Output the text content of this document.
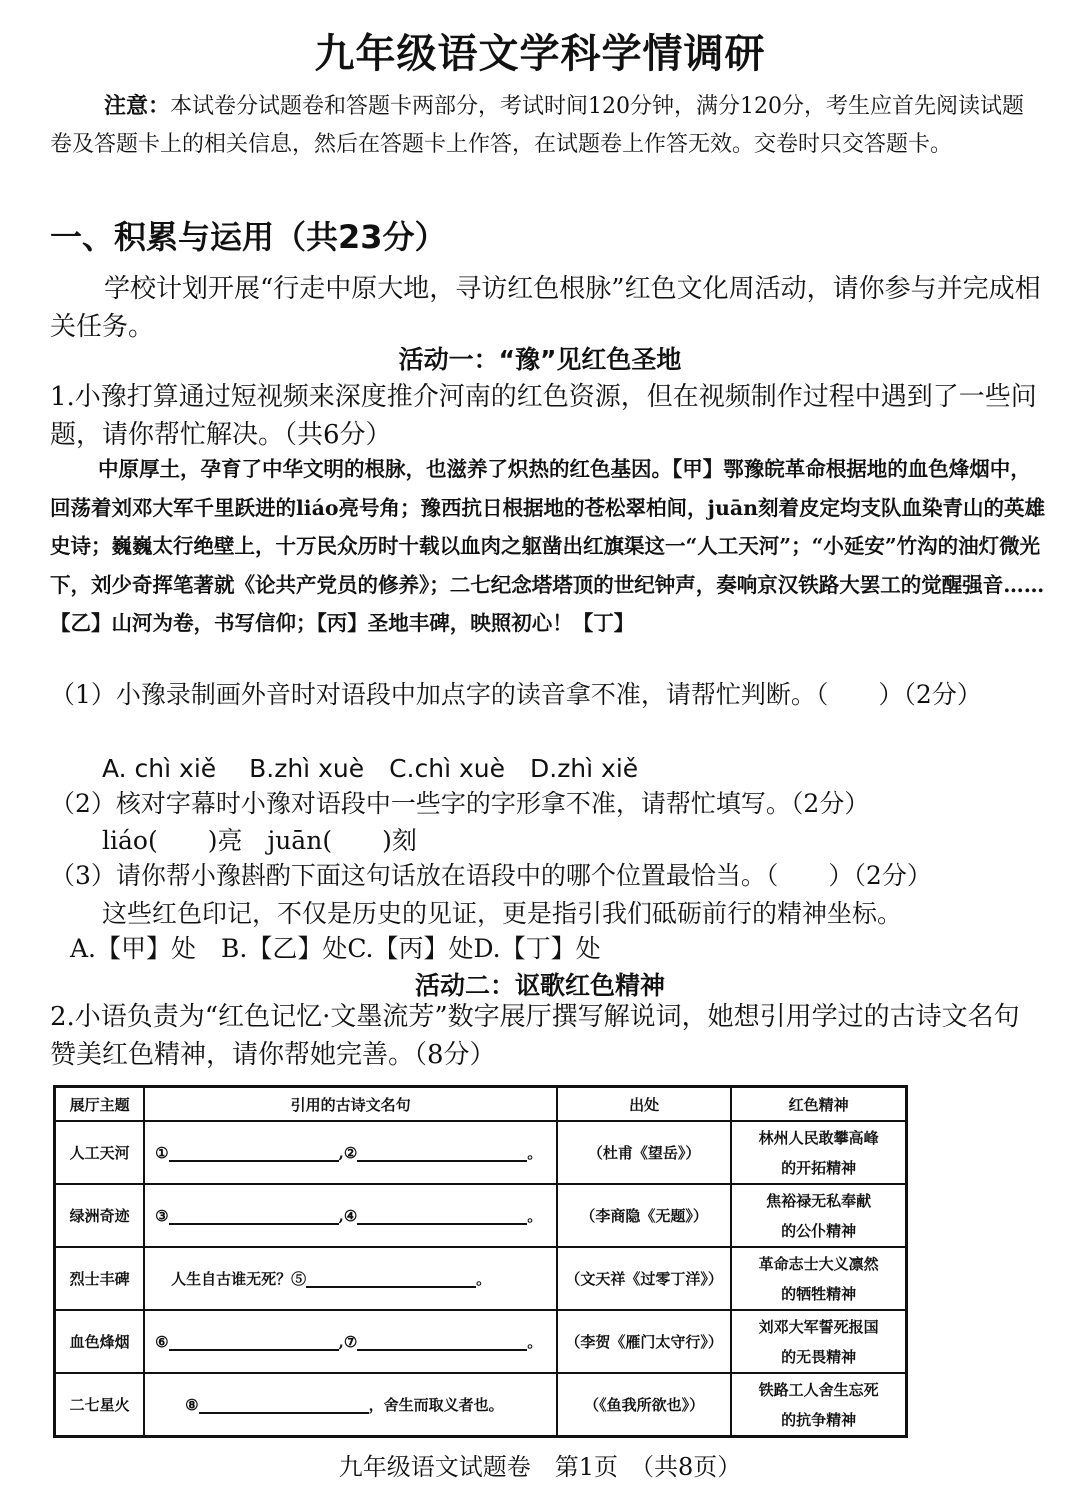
九年级语文学科学情调研
注意：本试卷分试题卷和答题卡两部分，考试时间120分钟，满分120分，考生应首先阅读试题卷及答题卡上的相关信息，然后在答题卡上作答，在试题卷上作答无效。交卷时只交答题卡。
一、积累与运用（共23分）
学校计划开展“行走中原大地，寻访红色根脉”红色文化周活动，请你参与并完成相关任务。
活动一：“豫”见红色圣地
1.小豫打算通过短视频来深度推介河南的红色资源，但在视频制作过程中遇到了一些问题，请你帮忙解决。（共6分）
中原厚土，孕育了中华文明的根脉，也滋养了炽热的红色基因。【甲】鄂豫皖革命根据地的血色烽烟中，回荡着刘邓大军千里跃进的liáo亮号角；豫西抗日根据地的苍松翠柏间，juān刻着皮定均支队血染青山的英雄史诗；巍巍太行绝壁上，十万民众历时十载以血肉之躯凿出红旗渠这一“人工天河”；“小延安”竹沟的油灯微光下，刘少奇挥笔著就《论共产党员的修养》；二七纪念塔塔顶的世纪钟声，奏响京汉铁路大罢工的觉醒强音……【乙】山河为卷，书写信仰；【丙】圣地丰碑，映照初心！【丁】
（1）小豫录制画外音时对语段中加点字的读音拿不准，请帮忙判断。（　　）（2分）
A. chì xiě　 B.zhì xuè　C.chì xuè　D.zhì xiě
（2）核对字幕时小豫对语段中一些字的字形拿不准，请帮忙填写。（2分）
liáo(　　)亮　juān(　　)刻
（3）请你帮小豫斟酌下面这句话放在语段中的哪个位置最恰当。（　　）（2分）
这些红色印记，不仅是历史的见证，更是指引我们砥砺前行的精神坐标。
A.【甲】处　B.【乙】处C.【丙】处D.【丁】处
活动二：讴歌红色精神
2.小语负责为“红色记忆·文墨流芳”数字展厅撰写解说词，她想引用学过的古诗文名句赞美红色精神，请你帮她完善。（8分）
展厅主题	引用的古诗文名句	出处	红色精神
人工天河	① ,② 。	（杜甫《望岳》）	林州人民敢攀高峰
的开拓精神
绿洲奇迹	③ ,④ 。	（李商隐《无题》）	焦裕禄无私奉献
的公仆精神
烈士丰碑	人生自古谁无死？⑤ 。	（文天祥《过零丁洋》）	革命志士大义凛然
的牺牲精神
血色烽烟	⑥ ,⑦ 。	（李贺《雁门太守行》）	刘邓大军誓死报国
的无畏精神
二七星火	⑧ ，舍生而取义者也。	（《鱼我所欲也》）	铁路工人舍生忘死
的抗争精神
九年级语文试题卷　第1页　（共8页）
